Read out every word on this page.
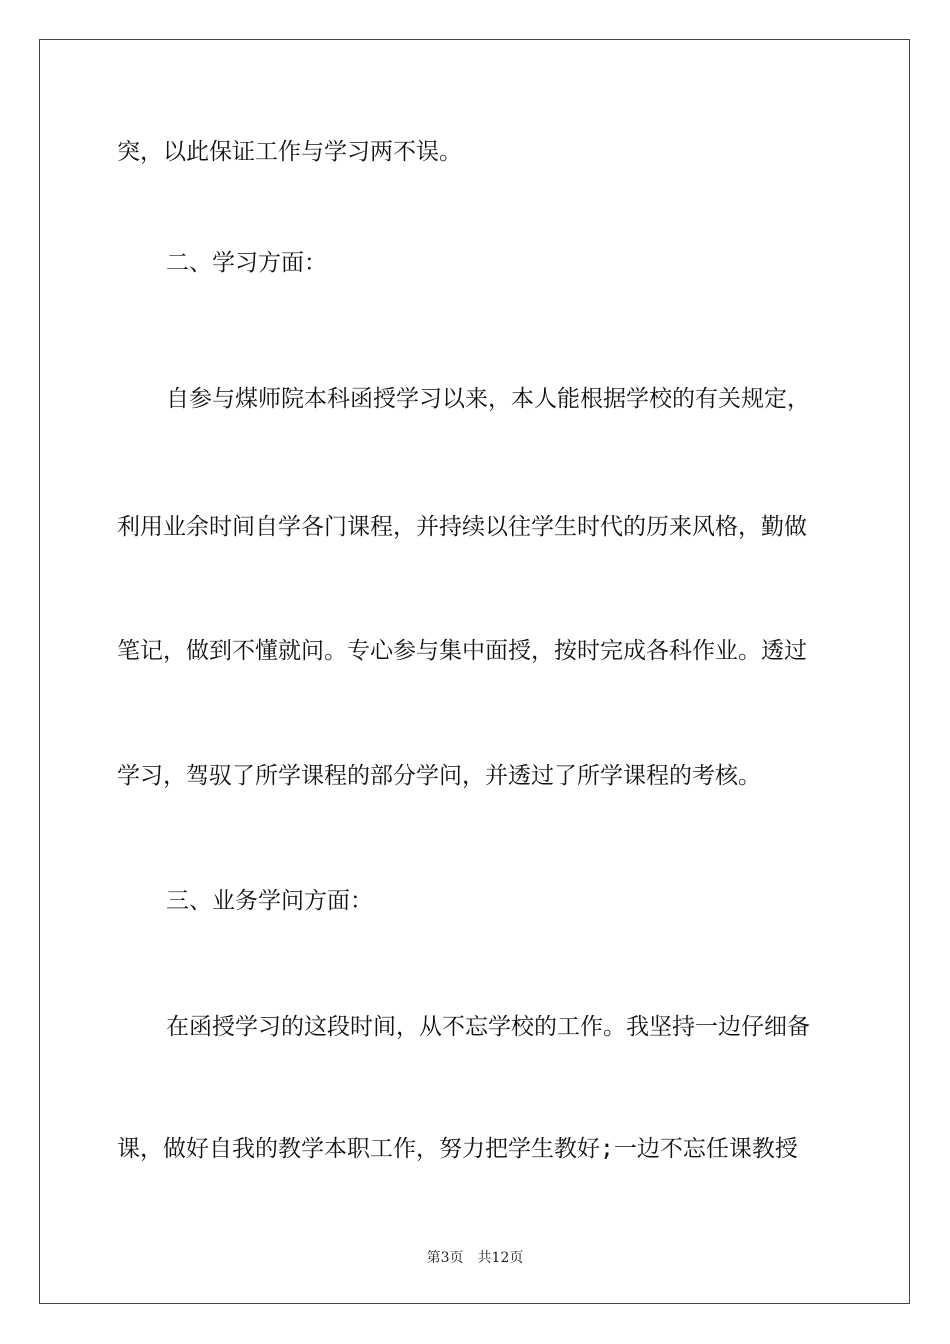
突，以此保证工作与学习两不误。

二、学习方面：

自参与煤师院本科函授学习以来，本人能根据学校的有关规定，

利用业余时间自学各门课程，并持续以往学生时代的历来风格，勤做

笔记，做到不懂就问。专心参与集中面授，按时完成各科作业。透过

学习，驾驭了所学课程的部分学问，并透过了所学课程的考核。

三、业务学问方面：

在函授学习的这段时间，从不忘学校的工作。我坚持一边仔细备

课，做好自我的教学本职工作，努力把学生教好;一边不忘任课教授

第3页 共12页
